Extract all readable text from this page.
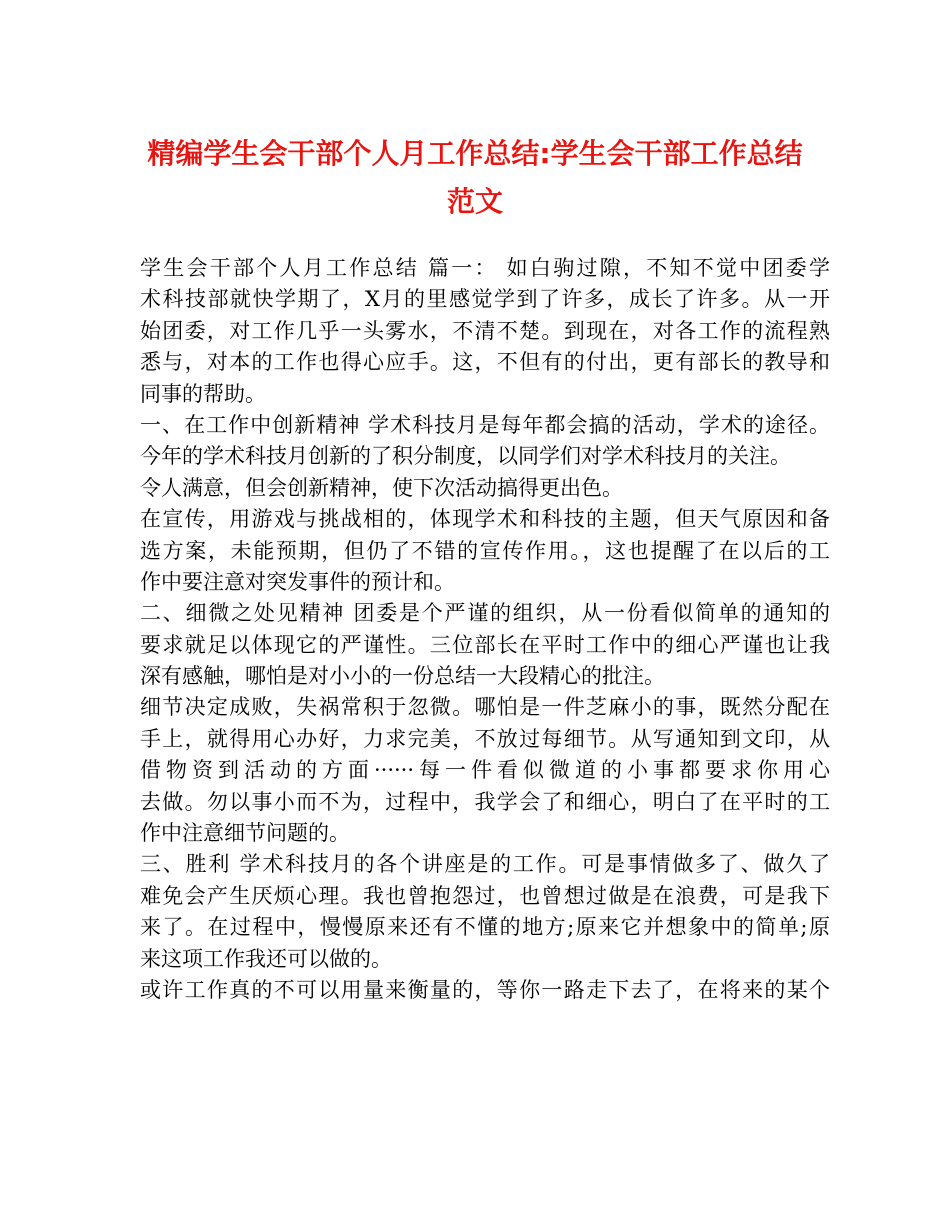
精编学生会干部个人月工作总结:学生会干部工作总结
范文
学生会干部个人月工作总结 篇一： 如白驹过隙，不知不觉中团委学
术科技部就快学期了，X月的里感觉学到了许多，成长了许多。从一开
始团委，对工作几乎一头雾水，不清不楚。到现在，对各工作的流程熟
悉与，对本的工作也得心应手。这，不但有的付出，更有部长的教导和
同事的帮助。
一、在工作中创新精神 学术科技月是每年都会搞的活动，学术的途径。
今年的学术科技月创新的了积分制度，以同学们对学术科技月的关注。
令人满意，但会创新精神，使下次活动搞得更出色。
在宣传，用游戏与挑战相的，体现学术和科技的主题，但天气原因和备
选方案，未能预期，但仍了不错的宣传作用。，这也提醒了在以后的工
作中要注意对突发事件的预计和。
二、细微之处见精神 团委是个严谨的组织，从一份看似简单的通知的
要求就足以体现它的严谨性。三位部长在平时工作中的细心严谨也让我
深有感触，哪怕是对小小的一份总结一大段精心的批注。
细节决定成败，失祸常积于忽微。哪怕是一件芝麻小的事，既然分配在
手上，就得用心办好，力求完美，不放过每细节。从写通知到文印，从
借物资到活动的方面······每一件看似微道的小事都要求你用心
去做。勿以事小而不为，过程中，我学会了和细心，明白了在平时的工
作中注意细节问题的。
三、胜利 学术科技月的各个讲座是的工作。可是事情做多了、做久了
难免会产生厌烦心理。我也曾抱怨过，也曾想过做是在浪费，可是我下
来了。在过程中，慢慢原来还有不懂的地方;原来它并想象中的简单;原
来这项工作我还可以做的。
或许工作真的不可以用量来衡量的，等你一路走下去了，在将来的某个
